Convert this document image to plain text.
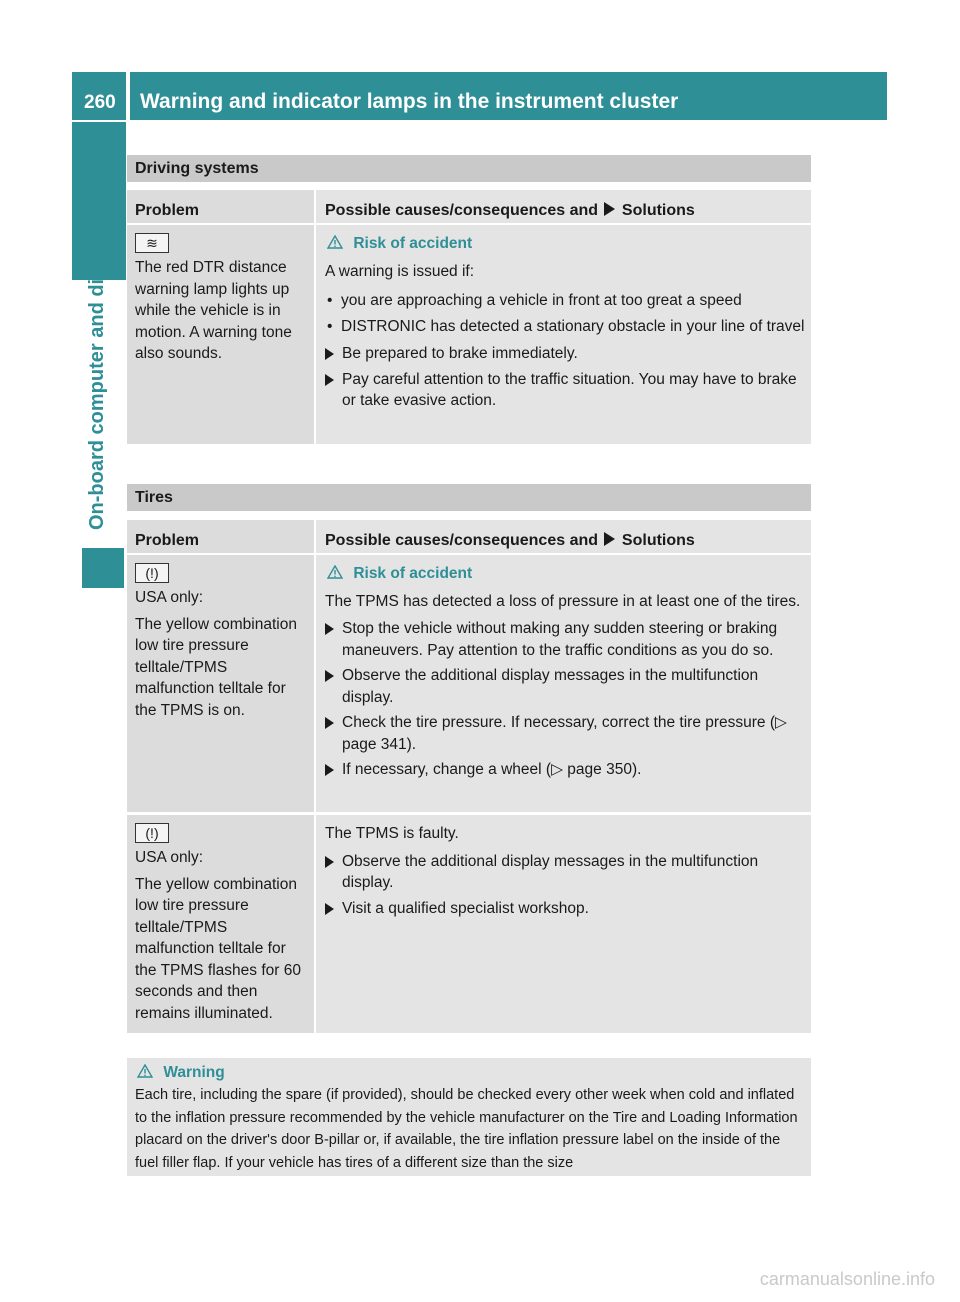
260 Warning and indicator lamps in the instrument cluster
On-board computer and displays
Driving systems
Problem	Possible causes/consequences and Solutions
≋
The red DTR distance warning lamp lights up while the vehicle is in motion. A warning tone also sounds.
Risk of accident
A warning is issued if:
• you are approaching a vehicle in front at too great a speed
• DISTRONIC has detected a stationary obstacle in your line of travel
Be prepared to brake immediately.
Pay careful attention to the traffic situation. You may have to brake or take evasive action.
Tires
Problem	Possible causes/consequences and Solutions
(!)
USA only:
The yellow combination low tire pressure telltale/TPMS malfunction telltale for the TPMS is on.
Risk of accident
The TPMS has detected a loss of pressure in at least one of the tires.
Stop the vehicle without making any sudden steering or braking maneuvers. Pay attention to the traffic conditions as you do so.
Observe the additional display messages in the multifunction display.
Check the tire pressure. If necessary, correct the tire pressure (▷ page 341).
If necessary, change a wheel (▷ page 350).
(!)
USA only:
The yellow combination low tire pressure telltale/TPMS malfunction telltale for the TPMS flashes for 60 seconds and then remains illuminated.
The TPMS is faulty.
Observe the additional display messages in the multifunction display.
Visit a qualified specialist workshop.
Warning
Each tire, including the spare (if provided), should be checked every other week when cold and inflated to the inflation pressure recommended by the vehicle manufacturer on the Tire and Loading Information placard on the driver's door B-pillar or, if available, the tire inflation pressure label on the inside of the fuel filler flap. If your vehicle has tires of a different size than the size
carmanualsonline.info
